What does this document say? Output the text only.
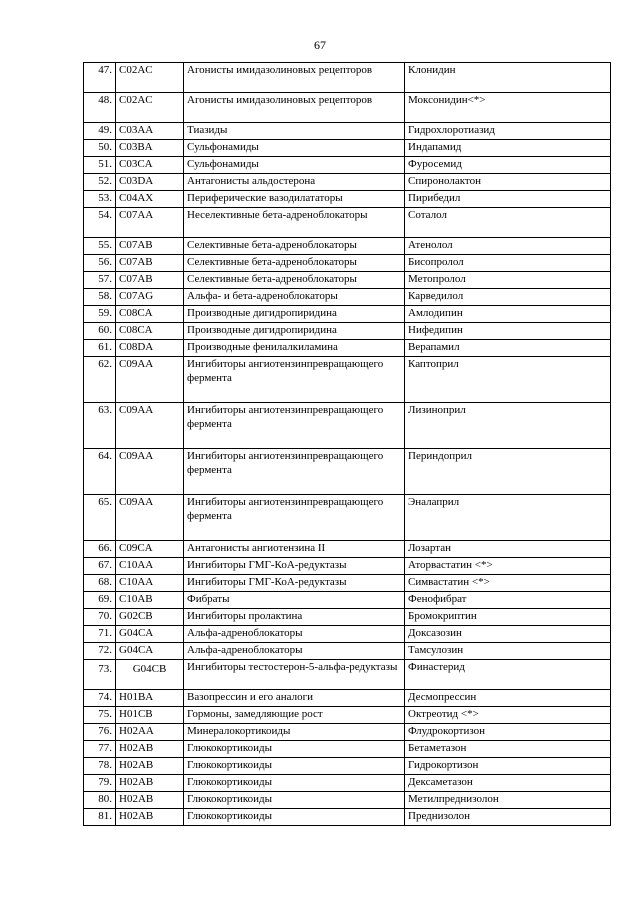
67
47.	C02AC	Агонисты имидазолиновых рецепторов	Клонидин
48.	C02AC	Агонисты имидазолиновых рецепторов	Моксонидин<*>
49.	C03AA	Тиазиды	Гидрохлоротиазид
50.	C03BA	Сульфонамиды	Индапамид
51.	C03CA	Сульфонамиды	Фуросемид
52.	C03DA	Антагонисты альдостерона	Спиронолактон
53.	C04AX	Периферические вазодилататоры	Пирибедил
54.	C07AA	Неселективные бета-адреноблокаторы	Соталол
55.	C07AB	Селективные бета-адреноблокаторы	Атенолол
56.	C07AB	Селективные бета-адреноблокаторы	Бисопролол
57.	C07AB	Селективные бета-адреноблокаторы	Метопролол
58.	C07AG	Альфа- и бета-адреноблокаторы	Карведилол
59.	C08CA	Производные дигидропиридина	Амлодипин
60.	C08CA	Производные дигидропиридина	Нифедипин
61.	C08DA	Производные фенилалкиламина	Верапамил
62.	C09AA	Ингибиторы ангиотензинпревращающего фермента	Каптоприл
63.	C09AA	Ингибиторы ангиотензинпревращающего фермента	Лизиноприл
64.	C09AA	Ингибиторы ангиотензинпревращающего фермента	Периндоприл
65.	C09AA	Ингибиторы ангиотензинпревращающего фермента	Эналаприл
66.	C09CA	Антагонисты ангиотензина II	Лозартан
67.	C10AA	Ингибиторы ГМГ-КоА-редуктазы	Аторвастатин <*>
68.	C10AA	Ингибиторы ГМГ-КоА-редуктазы	Симвастатин <*>
69.	C10AB	Фибраты	Фенофибрат
70.	G02CB	Ингибиторы пролактина	Бромокриптин
71.	G04CA	Альфа-адреноблокаторы	Доксазозин
72.	G04CA	Альфа-адреноблокаторы	Тамсулозин
73.	G04CB	Ингибиторы тестостерон-5-альфа-редуктазы	Финастерид
74.	H01BA	Вазопрессин и его аналоги	Десмопрессин
75.	H01CB	Гормоны, замедляющие рост	Октреотид <*>
76.	H02AA	Минералокортикоиды	Флудрокортизон
77.	H02AB	Глюкокортикоиды	Бетаметазон
78.	H02AB	Глюкокортикоиды	Гидрокортизон
79.	H02AB	Глюкокортикоиды	Дексаметазон
80.	H02AB	Глюкокортикоиды	Метилпреднизолон
81.	H02AB	Глюкокортикоиды	Преднизолон
